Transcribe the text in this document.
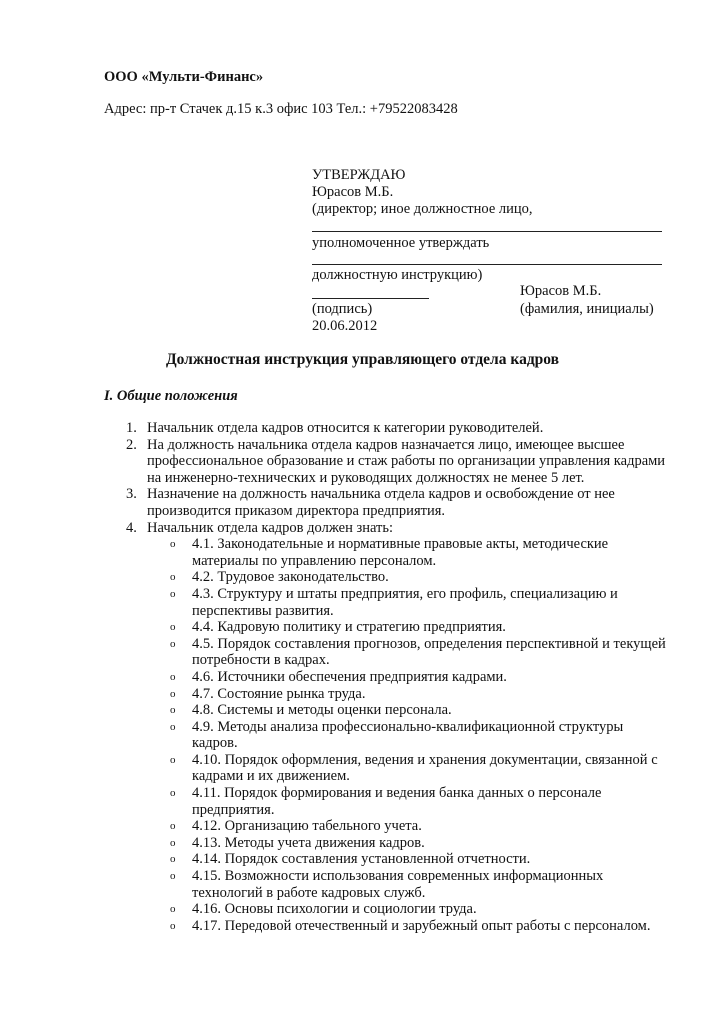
ООО «Мульти-Финанс»
Адрес: пр-т Стачек д.15 к.3 офис 103 Тел.: +79522083428
УТВЕРЖДАЮ
Юрасов М.Б.
(директор; иное должностное лицо,
уполномоченное утверждать
должностную инструкцию)
Юрасов М.Б.
(подпись)	(фамилия, инициалы)
20.06.2012
Должностная инструкция управляющего отдела кадров
I. Общие положения
1. Начальник отдела кадров относится к категории руководителей.
2. На должность начальника отдела кадров назначается лицо, имеющее высшее профессиональное образование и стаж работы по организации управления кадрами на инженерно-технических и руководящих должностях не менее 5 лет.
3. Назначение на должность начальника отдела кадров и освобождение от нее производится приказом директора предприятия.
4. Начальник отдела кадров должен знать:
o 4.1. Законодательные и нормативные правовые акты, методические материалы по управлению персоналом.
o 4.2. Трудовое законодательство.
o 4.3. Структуру и штаты предприятия, его профиль, специализацию и перспективы развития.
o 4.4. Кадровую политику и стратегию предприятия.
o 4.5. Порядок составления прогнозов, определения перспективной и текущей потребности в кадрах.
o 4.6. Источники обеспечения предприятия кадрами.
o 4.7. Состояние рынка труда.
o 4.8. Системы и методы оценки персонала.
o 4.9. Методы анализа профессионально-квалификационной структуры кадров.
o 4.10. Порядок оформления, ведения и хранения документации, связанной с кадрами и их движением.
o 4.11. Порядок формирования и ведения банка данных о персонале предприятия.
o 4.12. Организацию табельного учета.
o 4.13. Методы учета движения кадров.
o 4.14. Порядок составления установленной отчетности.
o 4.15. Возможности использования современных информационных технологий в работе кадровых служб.
o 4.16. Основы психологии и социологии труда.
o 4.17. Передовой отечественный и зарубежный опыт работы с персоналом.
